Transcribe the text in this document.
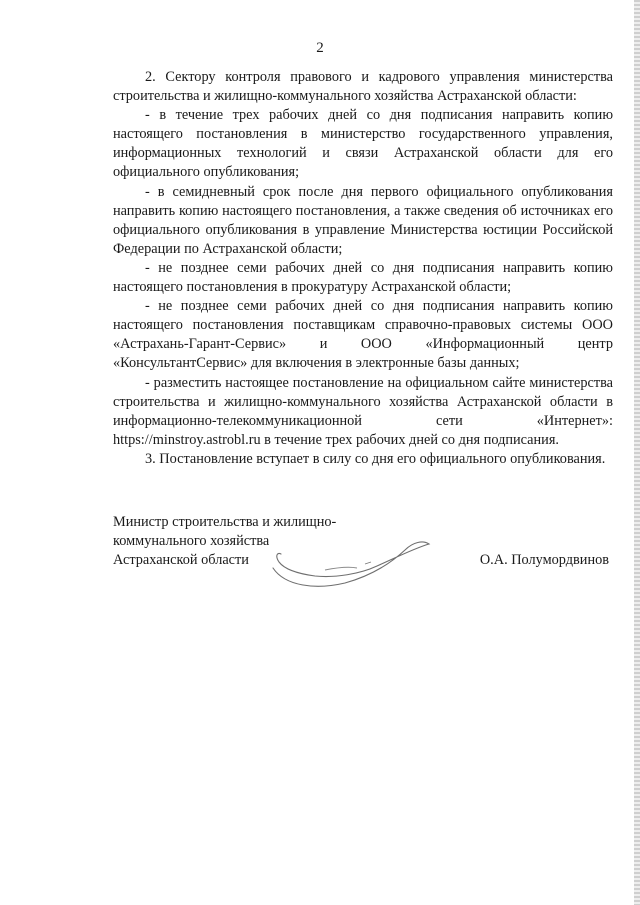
2

2. Сектору контроля правового и кадрового управления министерства строительства и жилищно-коммунального хозяйства Астраханской области:

- в течение трех рабочих дней со дня подписания направить копию настоящего постановления в министерство государственного управления, информационных технологий и связи Астраханской области для его официального опубликования;

- в семидневный срок после дня первого официального опубликования направить копию настоящего постановления, а также сведения об источниках его официального опубликования в управление Министерства юстиции Российской Федерации по Астраханской области;

- не позднее семи рабочих дней со дня подписания направить копию настоящего постановления в прокуратуру Астраханской области;

- не позднее семи рабочих дней со дня подписания направить копию настоящего постановления поставщикам справочно-правовых системы ООО «Астрахань-Гарант-Сервис» и ООО «Информационный центр «КонсультантСервис» для включения в электронные базы данных;

- разместить настоящее постановление на официальном сайте министерства строительства и жилищно-коммунального хозяйства Астраханской области в информационно-телекоммуникационной сети «Интернет»: https://minstroy.astrobl.ru в течение трех рабочих дней со дня подписания.

3. Постановление вступает в силу со дня его официального опубликования.

Министр строительства и жилищно-
коммунального хозяйства
Астраханской области	О.А. Полумордвинов
